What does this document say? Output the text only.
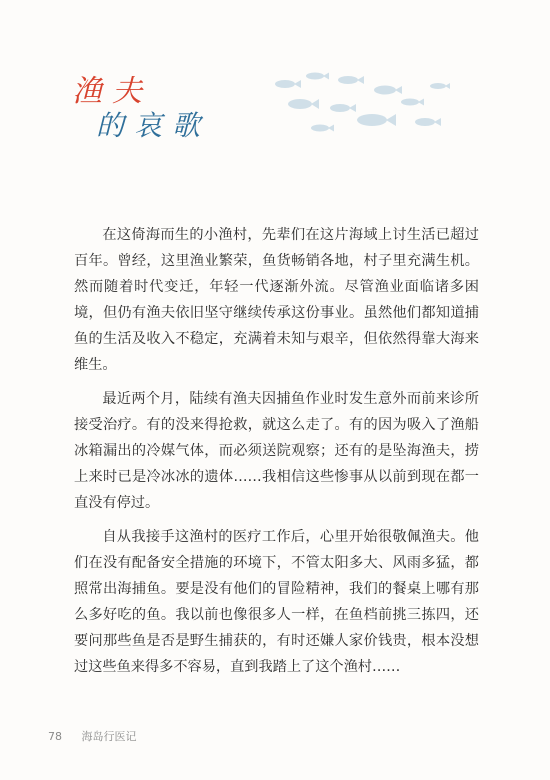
渔夫
的哀歌

在这倚海而生的小渔村，先辈们在这片海域上讨生活已超过百年。曾经，这里渔业繁荣，鱼货畅销各地，村子里充满生机。然而随着时代变迁，年轻一代逐渐外流。尽管渔业面临诸多困境，但仍有渔夫依旧坚守继续传承这份事业。虽然他们都知道捕鱼的生活及收入不稳定，充满着未知与艰辛，但依然得靠大海来维生。

最近两个月，陆续有渔夫因捕鱼作业时发生意外而前来诊所接受治疗。有的没来得抢救，就这么走了。有的因为吸入了渔船冰箱漏出的冷媒气体，而必须送院观察；还有的是坠海渔夫，捞上来时已是冷冰冰的遗体……我相信这些惨事从以前到现在都一直没有停过。

自从我接手这渔村的医疗工作后，心里开始很敬佩渔夫。他们在没有配备安全措施的环境下，不管太阳多大、风雨多猛，都照常出海捕鱼。要是没有他们的冒险精神，我们的餐桌上哪有那么多好吃的鱼。我以前也像很多人一样，在鱼档前挑三拣四，还要问那些鱼是否是野生捕获的，有时还嫌人家价钱贵，根本没想过这些鱼来得多不容易，直到我踏上了这个渔村……

78 海岛行医记
